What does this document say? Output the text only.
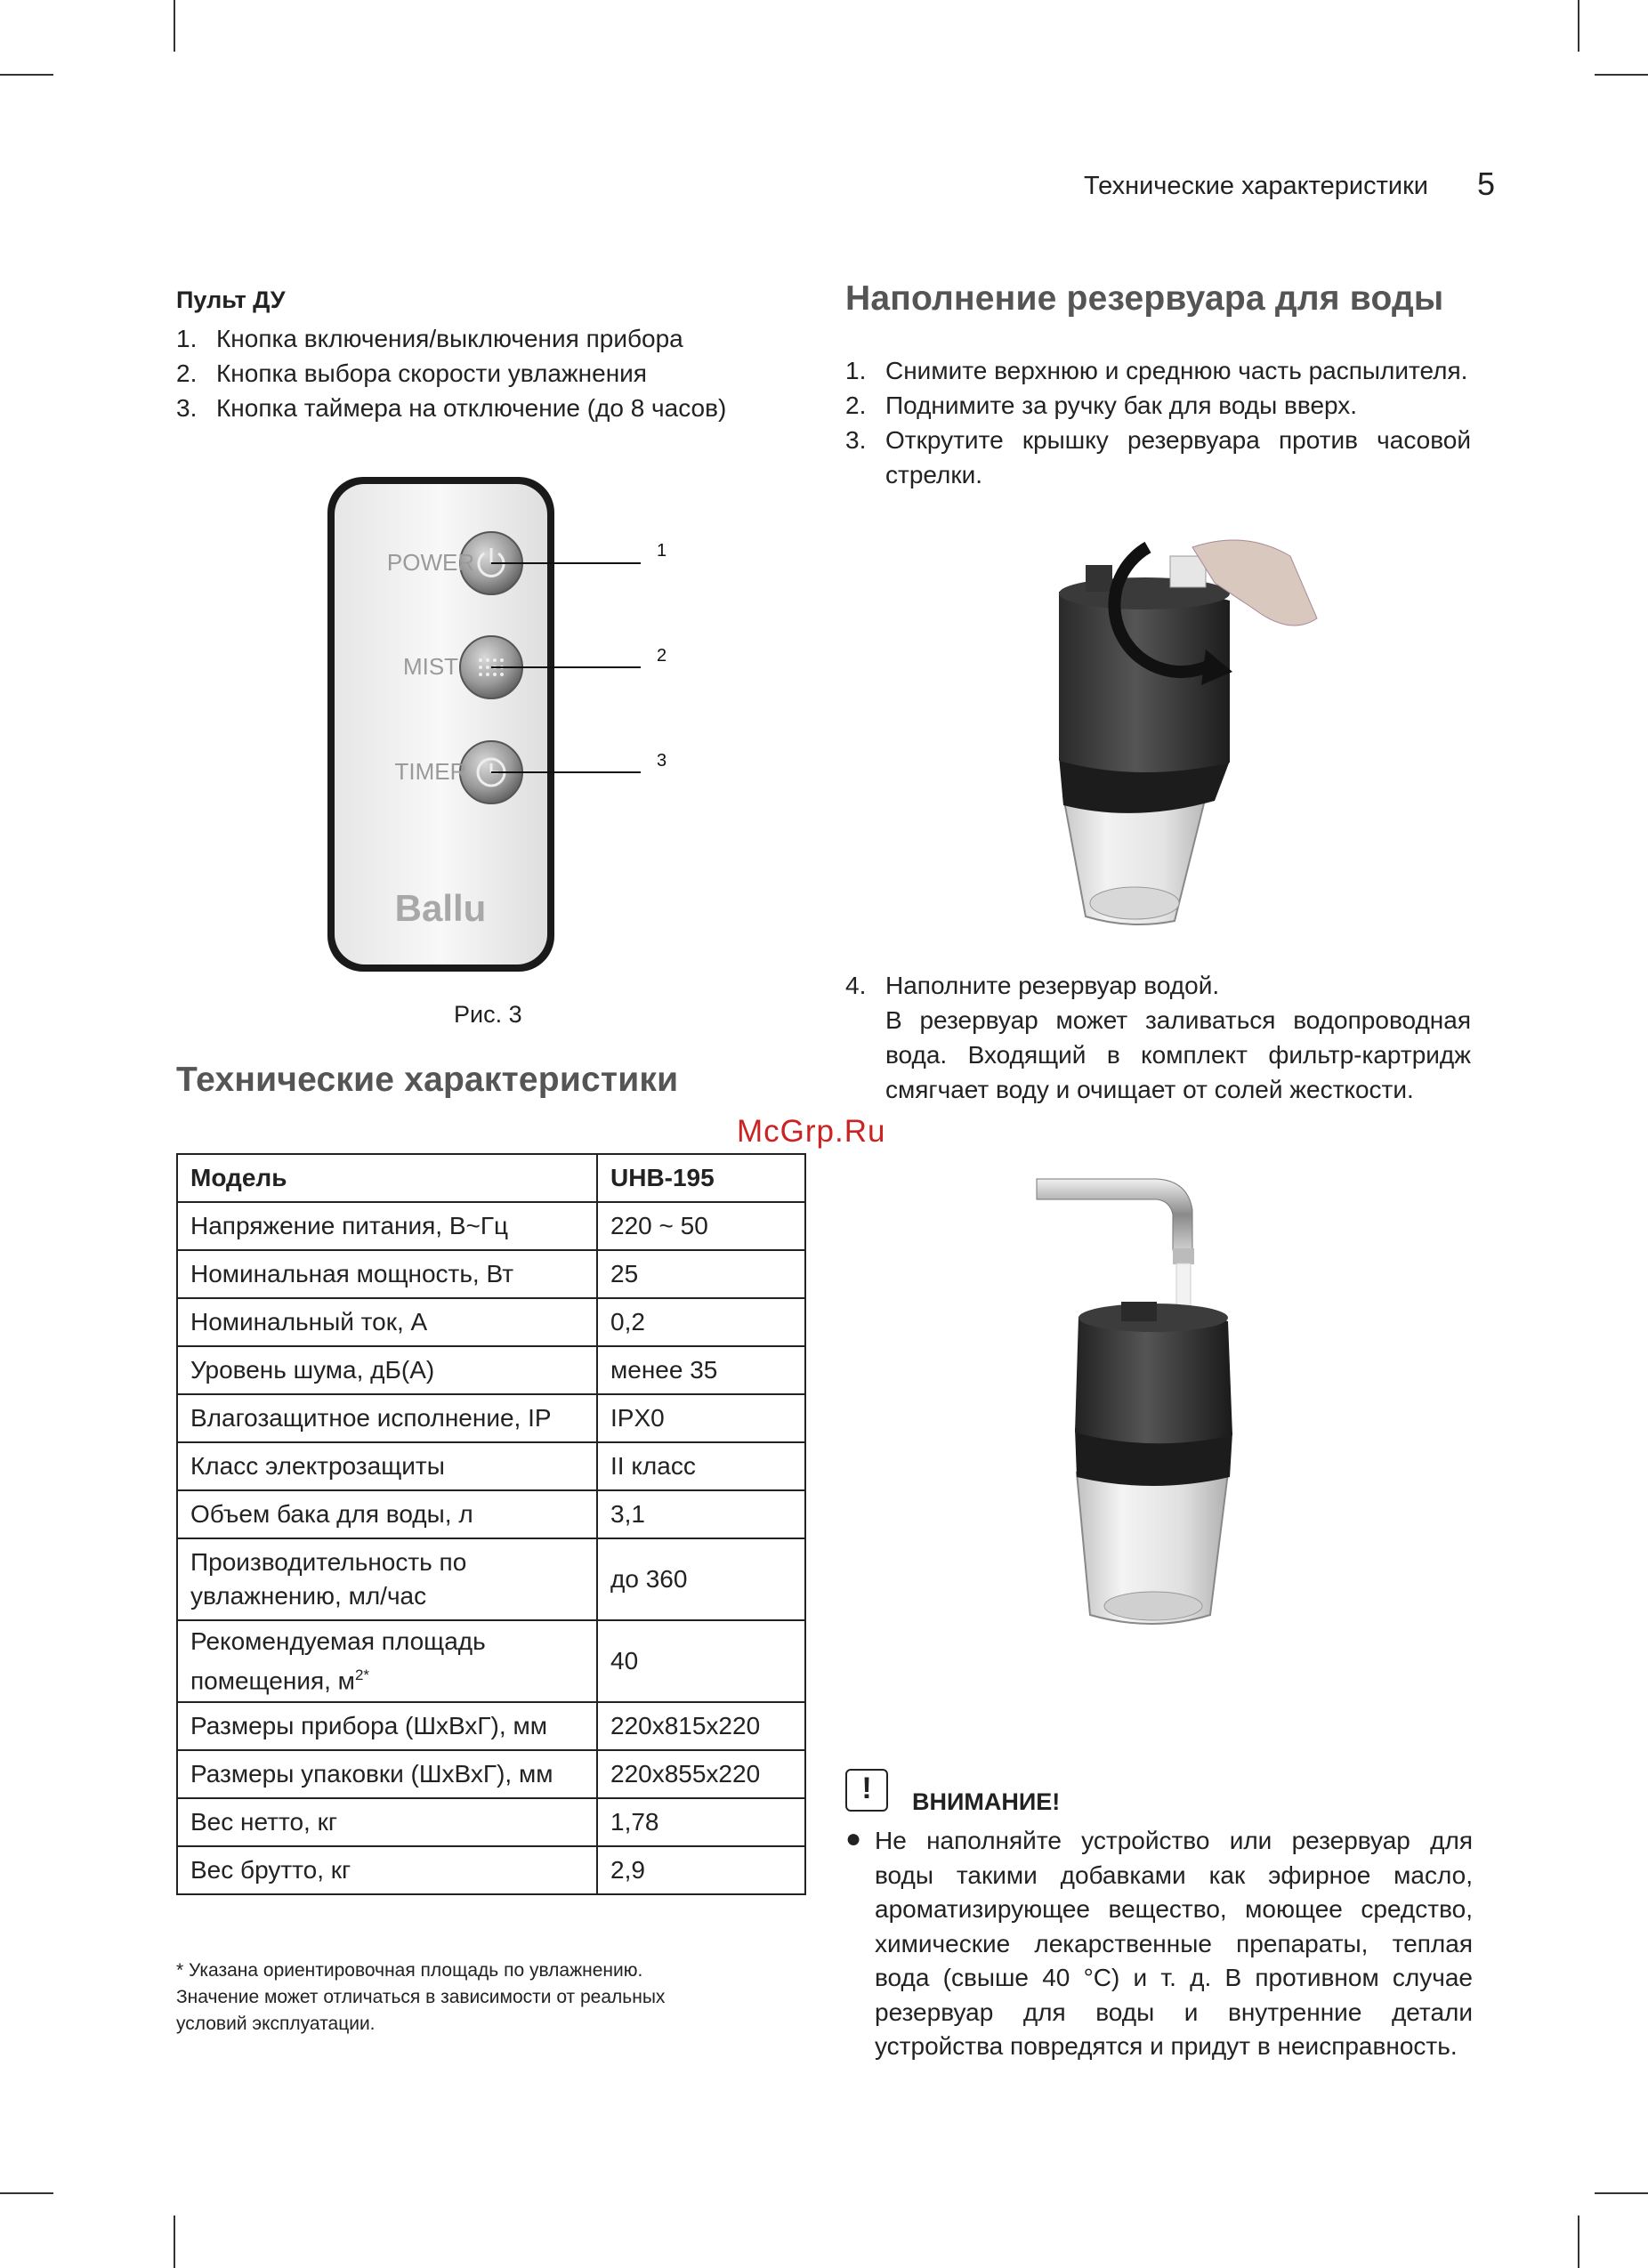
Технические характеристики	5
Пульт ДУ
1. Кнопка включения/выключения прибора
2. Кнопка выбора скорости увлажнения
3. Кнопка таймера на отключение (до 8 часов)
POWER
MIST
TIMER
Ballu
1
2
3
Рис. 3
Технические характеристики
Модель	UHB-195
Напряжение питания, В~Гц	220 ~ 50
Номинальная мощность, Вт	25
Номинальный ток, А	0,2
Уровень шума, дБ(А)	менее 35
Влагозащитное исполнение, IP	IPX0
Класс электрозащиты	II класс
Объем бака для воды, л	3,1
Производительность по
увлажнению, мл/час	до 360
Рекомендуемая площадь
помещения, $м^{2*}$	40
Размеры прибора (ШхВхГ), мм	220x815x220
Размеры упаковки (ШхВхГ), мм	220x855x220
Вес нетто, кг	1,78
Вес брутто, кг	2,9
* Указана ориентировочная площадь по увлажнению.
Значение может отличаться в зависимости от реальных
условий эксплуатации.
McGrp.Ru
Наполнение резервуара для воды
1. Снимите верхнюю и среднюю часть распылителя.
2. Поднимите за ручку бак для воды вверх.
3. Открутите крышку резервуара против часовой стрелки.
4. Наполните резервуар водой.
В резервуар может заливаться водопроводная вода. Входящий в комплект фильтр-картридж смягчает воду и очищает от солей жесткости.
!	ВНИМАНИЕ!
● Не наполняйте устройство или резервуар для воды такими добавками как эфирное масло, ароматизирующее вещество, моющее средство, химические лекарственные препараты, теплая вода (свыше 40 °C) и т. д. В противном случае резервуар для воды и внутренние детали устройства повредятся и придут в неисправность.
